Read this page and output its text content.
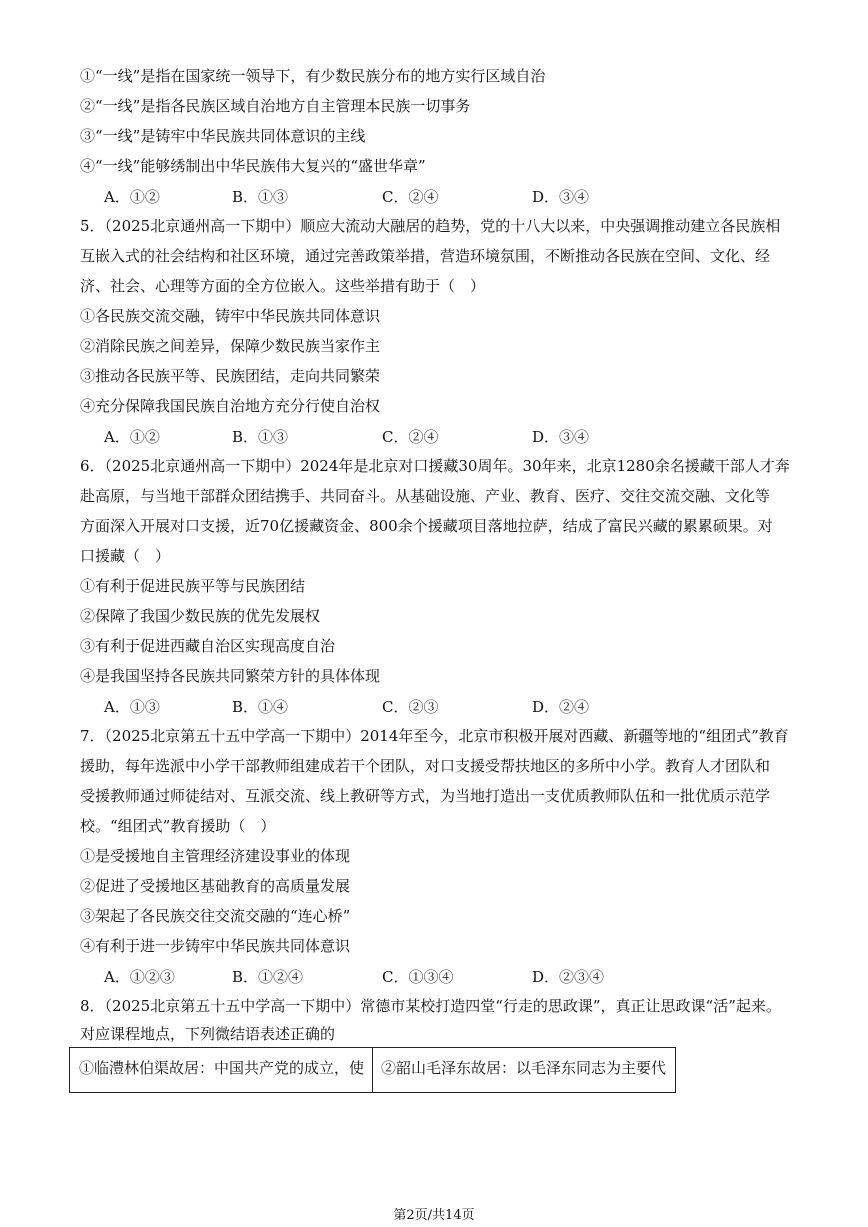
①“一线”是指在国家统一领导下，有少数民族分布的地方实行区域自治
②“一线”是指各民族区域自治地方自主管理本民族一切事务
③“一线”是铸牢中华民族共同体意识的主线
④“一线”能够绣制出中华民族伟大复兴的“盛世华章”
A．①②	B．①③	C．②④	D．③④
5．（2025北京通州高一下期中）顺应大流动大融居的趋势，党的十八大以来，中央强调推动建立各民族相
互嵌入式的社会结构和社区环境，通过完善政策举措，营造环境氛围，不断推动各民族在空间、文化、经
济、社会、心理等方面的全方位嵌入。这些举措有助于（　）
①各民族交流交融，铸牢中华民族共同体意识
②消除民族之间差异，保障少数民族当家作主
③推动各民族平等、民族团结，走向共同繁荣
④充分保障我国民族自治地方充分行使自治权
A．①②	B．①③	C．②④	D．③④
6．（2025北京通州高一下期中）2024年是北京对口援藏30周年。30年来，北京1280余名援藏干部人才奔
赴高原，与当地干部群众团结携手、共同奋斗。从基础设施、产业、教育、医疗、交往交流交融、文化等
方面深入开展对口支援，近70亿援藏资金、800余个援藏项目落地拉萨，结成了富民兴藏的累累硕果。对
口援藏（　）
①有利于促进民族平等与民族团结
②保障了我国少数民族的优先发展权
③有利于促进西藏自治区实现高度自治
④是我国坚持各民族共同繁荣方针的具体体现
A．①③	B．①④	C．②③	D．②④
7．（2025北京第五十五中学高一下期中）2014年至今，北京市积极开展对西藏、新疆等地的“组团式”教育
援助，每年选派中小学干部教师组建成若干个团队，对口支援受帮扶地区的多所中小学。教育人才团队和
受援教师通过师徒结对、互派交流、线上教研等方式，为当地打造出一支优质教师队伍和一批优质示范学
校。“组团式”教育援助（　）
①是受援地自主管理经济建设事业的体现
②促进了受援地区基础教育的高质量发展
③架起了各民族交往交流交融的“连心桥”
④有利于进一步铸牢中华民族共同体意识
A．①②③	B．①②④	C．①③④	D．②③④
8．（2025北京第五十五中学高一下期中）常德市某校打造四堂“行走的思政课”，真正让思政课“活”起来。
对应课程地点，下列微结语表述正确的
①临澧林伯渠故居：中国共产党的成立，使	②韶山毛泽东故居：以毛泽东同志为主要代
第2页/共14页
